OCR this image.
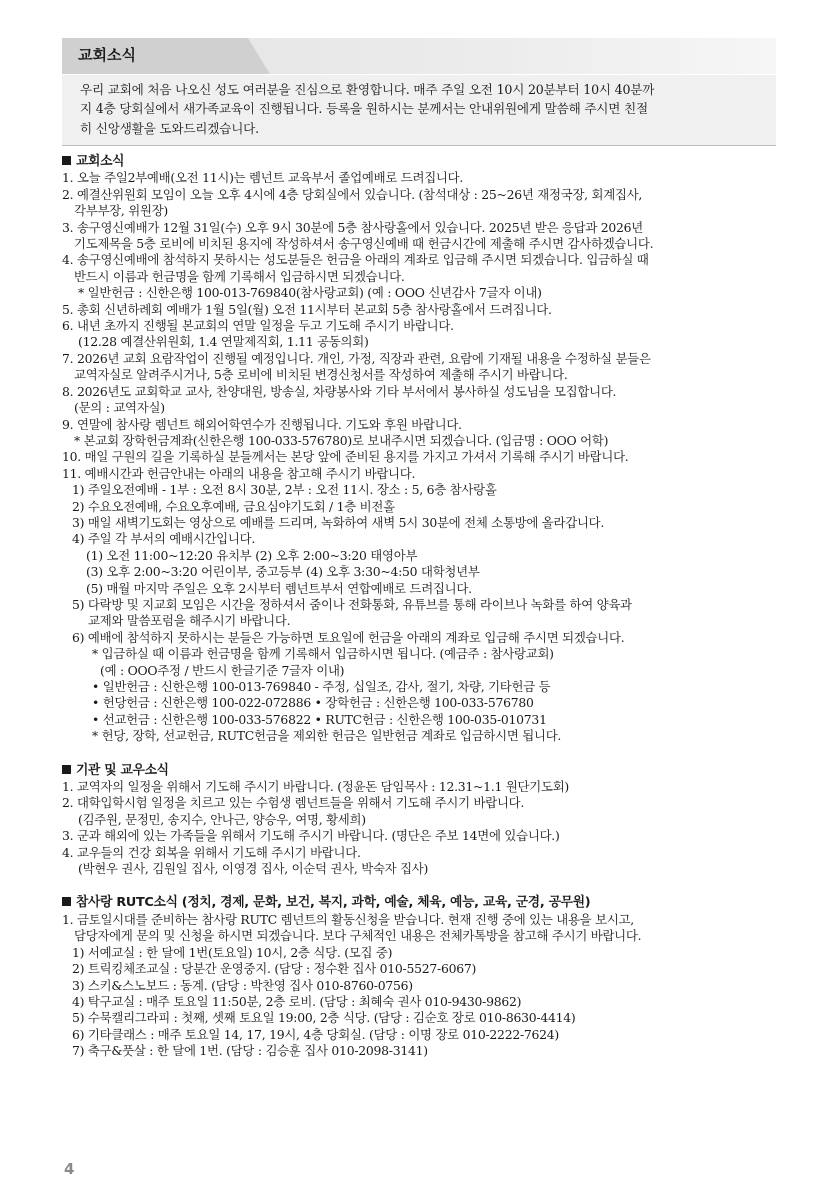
교회소식
우리 교회에 처음 나오신 성도 여러분을 진심으로 환영합니다. 매주 주일 오전 10시 20분부터 10시 40분까
지 4층 당회실에서 새가족교육이 진행됩니다. 등록을 원하시는 분께서는 안내위원에게 말씀해 주시면 친절
히 신앙생활을 도와드리겠습니다.
교회소식
1. 오늘 주일2부예배(오전 11시)는 렘넌트 교육부서 졸업예배로 드려집니다.
2. 예결산위원회 모임이 오늘 오후 4시에 4층 당회실에서 있습니다. (참석대상 : 25~26년 재정국장, 회계집사,
각부부장, 위원장)
3. 송구영신예배가 12월 31일(수) 오후 9시 30분에 5층 참사랑홀에서 있습니다. 2025년 받은 응답과 2026년
기도제목을 5층 로비에 비치된 용지에 작성하셔서 송구영신예배 때 헌금시간에 제출해 주시면 감사하겠습니다.
4. 송구영신예배에 참석하지 못하시는 성도분들은 헌금을 아래의 계좌로 입금해 주시면 되겠습니다. 입금하실 때
반드시 이름과 헌금명을 함께 기록해서 입금하시면 되겠습니다.
* 일반헌금 : 신한은행 100-013-769840(참사랑교회) (예 : OOO 신년감사 7글자 이내)
5. 총회 신년하례회 예배가 1월 5일(월) 오전 11시부터 본교회 5층 참사랑홀에서 드려집니다.
6. 내년 초까지 진행될 본교회의 연말 일정을 두고 기도해 주시기 바랍니다.
(12.28 예결산위원회, 1.4 연말제직회, 1.11 공동의회)
7. 2026년 교회 요람작업이 진행될 예정입니다. 개인, 가정, 직장과 관련, 요람에 기재될 내용을 수정하실 분들은
교역자실로 알려주시거나, 5층 로비에 비치된 변경신청서를 작성하여 제출해 주시기 바랍니다.
8. 2026년도 교회학교 교사, 찬양대원, 방송실, 차량봉사와 기타 부서에서 봉사하실 성도님을 모집합니다.
(문의 : 교역자실)
9. 연말에 참사랑 렘넌트 해외어학연수가 진행됩니다. 기도와 후원 바랍니다.
* 본교회 장학헌금계좌(신한은행 100-033-576780)로 보내주시면 되겠습니다. (입금명 : OOO 어학)
10. 매일 구원의 길을 기록하실 분들께서는 본당 앞에 준비된 용지를 가지고 가셔서 기록해 주시기 바랍니다.
11. 예배시간과 헌금안내는 아래의 내용을 참고해 주시기 바랍니다.
1) 주일오전예배 - 1부 : 오전 8시 30분, 2부 : 오전 11시. 장소 : 5, 6층 참사랑홀
2) 수요오전예배, 수요오후예배, 금요심야기도회 / 1층 비전홀
3) 매일 새벽기도회는 영상으로 예배를 드리며, 녹화하여 새벽 5시 30분에 전체 소통방에 올라갑니다.
4) 주일 각 부서의 예배시간입니다.
(1) 오전 11:00~12:20 유치부 (2) 오후 2:00~3:20 태영아부
(3) 오후 2:00~3:20 어린이부, 중고등부 (4) 오후 3:30~4:50 대학청년부
(5) 매월 마지막 주일은 오후 2시부터 렘넌트부서 연합예배로 드려집니다.
5) 다락방 및 지교회 모임은 시간을 정하셔서 줌이나 전화통화, 유튜브를 통해 라이브나 녹화를 하여 양육과
교제와 말씀포럼을 해주시기 바랍니다.
6) 예배에 참석하지 못하시는 분들은 가능하면 토요일에 헌금을 아래의 계좌로 입금해 주시면 되겠습니다.
* 입금하실 때 이름과 헌금명을 함께 기록해서 입금하시면 됩니다. (예금주 : 참사랑교회)
(예 : OOO주정 / 반드시 한글기준 7글자 이내)
• 일반헌금 : 신한은행 100-013-769840 - 주정, 십일조, 감사, 절기, 차량, 기타헌금 등
• 헌당헌금 : 신한은행 100-022-072886 • 장학헌금 : 신한은행 100-033-576780
• 선교헌금 : 신한은행 100-033-576822 • RUTC헌금 : 신한은행 100-035-010731
* 헌당, 장학, 선교헌금, RUTC헌금을 제외한 헌금은 일반헌금 계좌로 입금하시면 됩니다.
기관 및 교우소식
1. 교역자의 일정을 위해서 기도해 주시기 바랍니다. (정윤돈 담임목사 : 12.31~1.1 원단기도회)
2. 대학입학시험 일정을 치르고 있는 수험생 렘넌트들을 위해서 기도해 주시기 바랍니다.
(김주원, 문정민, 송지수, 안나근, 양승우, 여명, 황세희)
3. 군과 해외에 있는 가족들을 위해서 기도해 주시기 바랍니다. (명단은 주보 14면에 있습니다.)
4. 교우들의 건강 회복을 위해서 기도해 주시기 바랍니다.
(박현우 권사, 김원일 집사, 이영경 집사, 이순덕 권사, 박숙자 집사)
참사랑 RUTC소식 (정치, 경제, 문화, 보건, 복지, 과학, 예술, 체육, 예능, 교육, 군경, 공무원)
1. 금토일시대를 준비하는 참사랑 RUTC 렘넌트의 활동신청을 받습니다. 현재 진행 중에 있는 내용을 보시고,
담당자에게 문의 및 신청을 하시면 되겠습니다. 보다 구체적인 내용은 전체카톡방을 참고해 주시기 바랍니다.
1) 서예교실 : 한 달에 1번(토요일) 10시, 2층 식당. (모집 중)
2) 트릭킹체조교실 : 당분간 운영중지. (담당 : 정수환 집사 010-5527-6067)
3) 스키&스노보드 : 동계. (담당 : 박찬영 집사 010-8760-0756)
4) 탁구교실 : 매주 토요일 11:50분, 2층 로비. (담당 : 최혜숙 권사 010-9430-9862)
5) 수묵캘리그라피 : 첫째, 셋째 토요일 19:00, 2층 식당. (담당 : 김순호 장로 010-8630-4414)
6) 기타클래스 : 매주 토요일 14, 17, 19시, 4층 당회실. (담당 : 이명 장로 010-2222-7624)
7) 축구&풋살 : 한 달에 1번. (담당 : 김승훈 집사 010-2098-3141)
4
